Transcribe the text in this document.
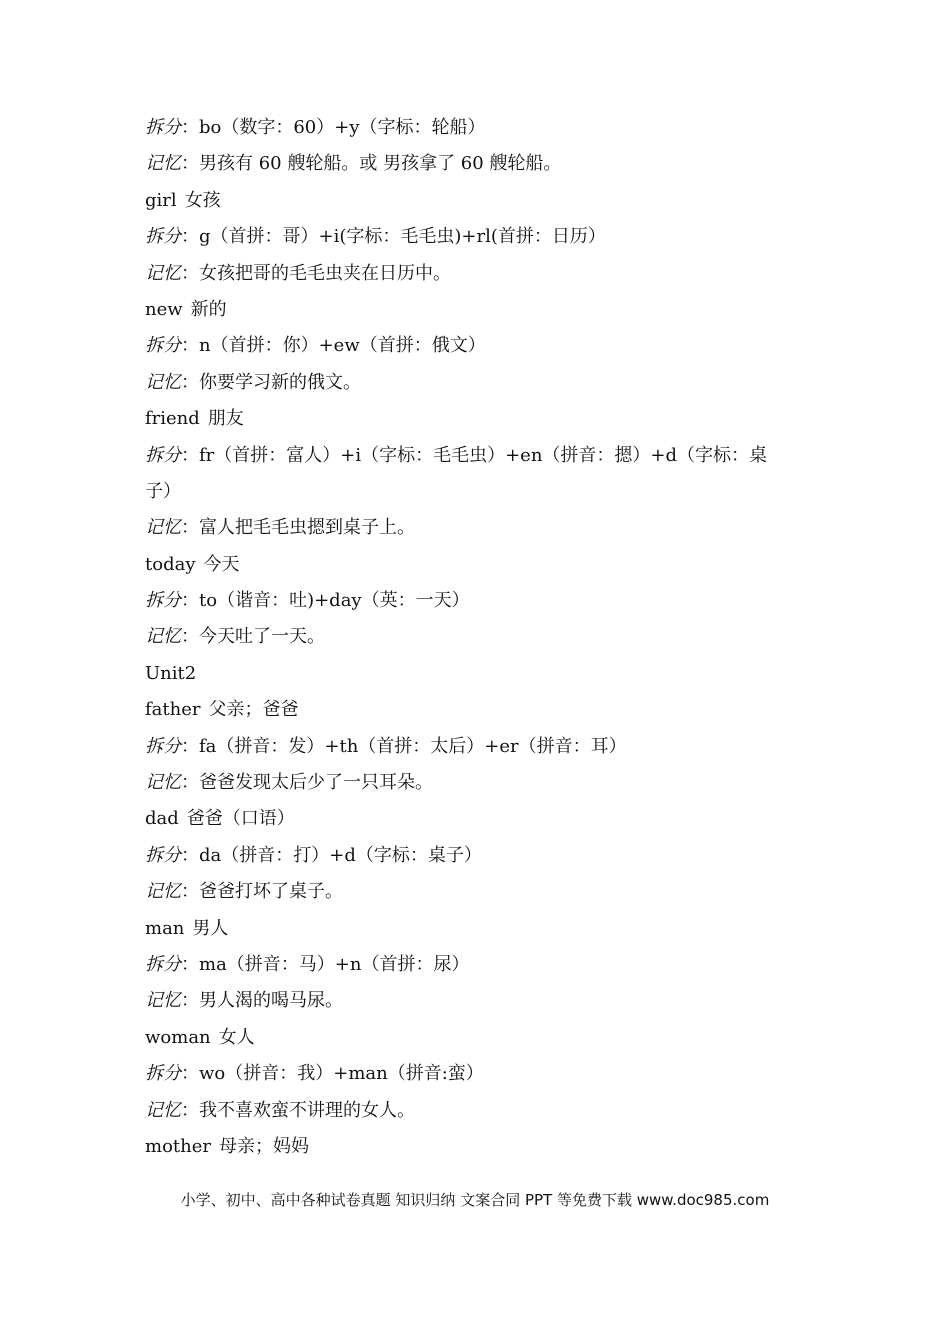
拆分：bo（数字：60）+y（字标：轮船）
记忆：男孩有 60 艘轮船。或 男孩拿了 60 艘轮船。
girl 女孩
拆分：g（首拼：哥）+i(字标：毛毛虫)+rl(首拼：日历）
记忆：女孩把哥的毛毛虫夹在日历中。
new 新的
拆分：n（首拼：你）+ew（首拼：俄文）
记忆：你要学习新的俄文。
friend 朋友
拆分：fr（首拼：富人）+i（字标：毛毛虫）+en（拼音：摁）+d（字标：桌
子）
记忆：富人把毛毛虫摁到桌子上。
today 今天
拆分：to（谐音：吐)+day（英：一天）
记忆：今天吐了一天。
Unit2
father 父亲；爸爸
拆分：fa（拼音：发）+th（首拼：太后）+er（拼音：耳）
记忆：爸爸发现太后少了一只耳朵。
dad 爸爸（口语）
拆分：da（拼音：打）+d（字标：桌子）
记忆：爸爸打坏了桌子。
man 男人
拆分：ma（拼音：马）+n（首拼：尿）
记忆：男人渴的喝马尿。
woman 女人
拆分：wo（拼音：我）+man（拼音:蛮）
记忆：我不喜欢蛮不讲理的女人。
mother 母亲；妈妈
小学、初中、高中各种试卷真题 知识归纳 文案合同 PPT 等免费下载 www.doc985.com
